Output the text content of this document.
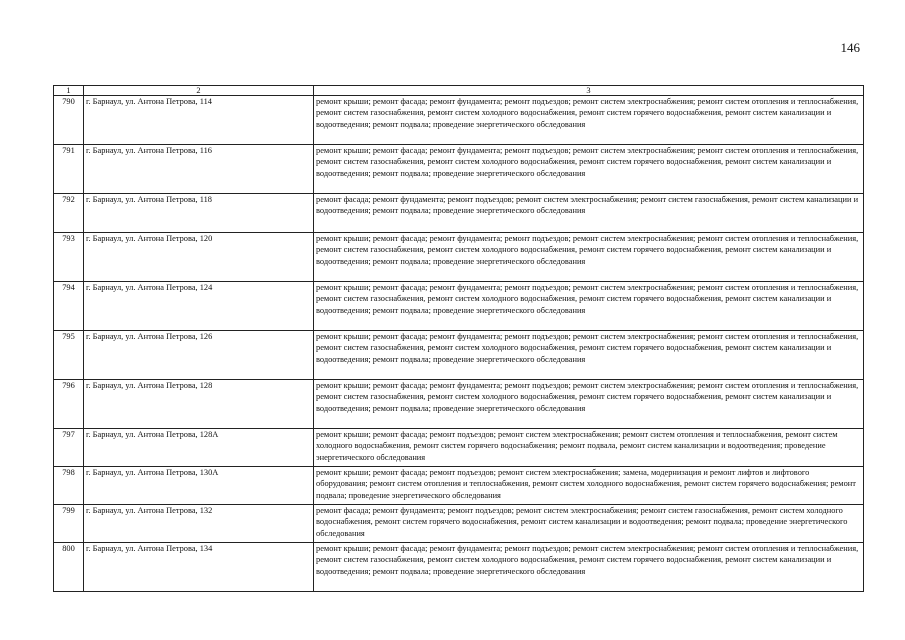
146
1	2	3
790	г. Барнаул, ул. Антона Петрова, 114	ремонт крыши; ремонт фасада; ремонт фундамента; ремонт подъездов; ремонт систем электроснабжения; ремонт систем отопления и теплоснабжения, ремонт систем газоснабжения, ремонт систем холодного водоснабжения, ремонт систем горячего водоснабжения, ремонт систем канализации и водоотведения; ремонт подвала; проведение энергетического обследования
791	г. Барнаул, ул. Антона Петрова, 116	ремонт крыши; ремонт фасада; ремонт фундамента; ремонт подъездов; ремонт систем электроснабжения; ремонт систем отопления и теплоснабжения, ремонт систем газоснабжения, ремонт систем холодного водоснабжения, ремонт систем горячего водоснабжения, ремонт систем канализации и водоотведения; ремонт подвала; проведение энергетического обследования
792	г. Барнаул, ул. Антона Петрова, 118	ремонт фасада; ремонт фундамента; ремонт подъездов; ремонт систем электроснабжения; ремонт систем газоснабжения, ремонт систем канализации и водоотведения; ремонт подвала; проведение энергетического обследования
793	г. Барнаул, ул. Антона Петрова, 120	ремонт крыши; ремонт фасада; ремонт фундамента; ремонт подъездов; ремонт систем электроснабжения; ремонт систем отопления и теплоснабжения, ремонт систем газоснабжения, ремонт систем холодного водоснабжения, ремонт систем горячего водоснабжения, ремонт систем канализации и водоотведения; ремонт подвала; проведение энергетического обследования
794	г. Барнаул, ул. Антона Петрова, 124	ремонт крыши; ремонт фасада; ремонт фундамента; ремонт подъездов; ремонт систем электроснабжения; ремонт систем отопления и теплоснабжения, ремонт систем газоснабжения, ремонт систем холодного водоснабжения, ремонт систем горячего водоснабжения, ремонт систем канализации и водоотведения; ремонт подвала; проведение энергетического обследования
795	г. Барнаул, ул. Антона Петрова, 126	ремонт крыши; ремонт фасада; ремонт фундамента; ремонт подъездов; ремонт систем электроснабжения; ремонт систем отопления и теплоснабжения, ремонт систем газоснабжения, ремонт систем холодного водоснабжения, ремонт систем горячего водоснабжения, ремонт систем канализации и водоотведения; ремонт подвала; проведение энергетического обследования
796	г. Барнаул, ул. Антона Петрова, 128	ремонт крыши; ремонт фасада; ремонт фундамента; ремонт подъездов; ремонт систем электроснабжения; ремонт систем отопления и теплоснабжения, ремонт систем газоснабжения, ремонт систем холодного водоснабжения, ремонт систем горячего водоснабжения, ремонт систем канализации и водоотведения; ремонт подвала; проведение энергетического обследования
797	г. Барнаул, ул. Антона Петрова, 128А	ремонт крыши; ремонт фасада; ремонт подъездов; ремонт систем электроснабжения; ремонт систем отопления и теплоснабжения, ремонт систем холодного водоснабжения, ремонт систем горячего водоснабжения; ремонт подвала, ремонт систем канализации и водоотведения; проведение энергетического обследования
798	г. Барнаул, ул. Антона Петрова, 130А	ремонт крыши; ремонт фасада; ремонт подъездов; ремонт систем электроснабжения; замена, модернизация и ремонт лифтов и лифтового оборудования; ремонт систем отопления и теплоснабжения, ремонт систем холодного водоснабжения, ремонт систем горячего водоснабжения; ремонт подвала; проведение энергетического обследования
799	г. Барнаул, ул. Антона Петрова, 132	ремонт фасада; ремонт фундамента; ремонт подъездов; ремонт систем электроснабжения; ремонт систем газоснабжения, ремонт систем холодного водоснабжения, ремонт систем горячего водоснабжения, ремонт систем канализации и водоотведения; ремонт подвала; проведение энергетического обследования
800	г. Барнаул, ул. Антона Петрова, 134	ремонт крыши; ремонт фасада; ремонт фундамента; ремонт подъездов; ремонт систем электроснабжения; ремонт систем отопления и теплоснабжения, ремонт систем газоснабжения, ремонт систем холодного водоснабжения, ремонт систем горячего водоснабжения, ремонт систем канализации и водоотведения; ремонт подвала; проведение энергетического обследования
